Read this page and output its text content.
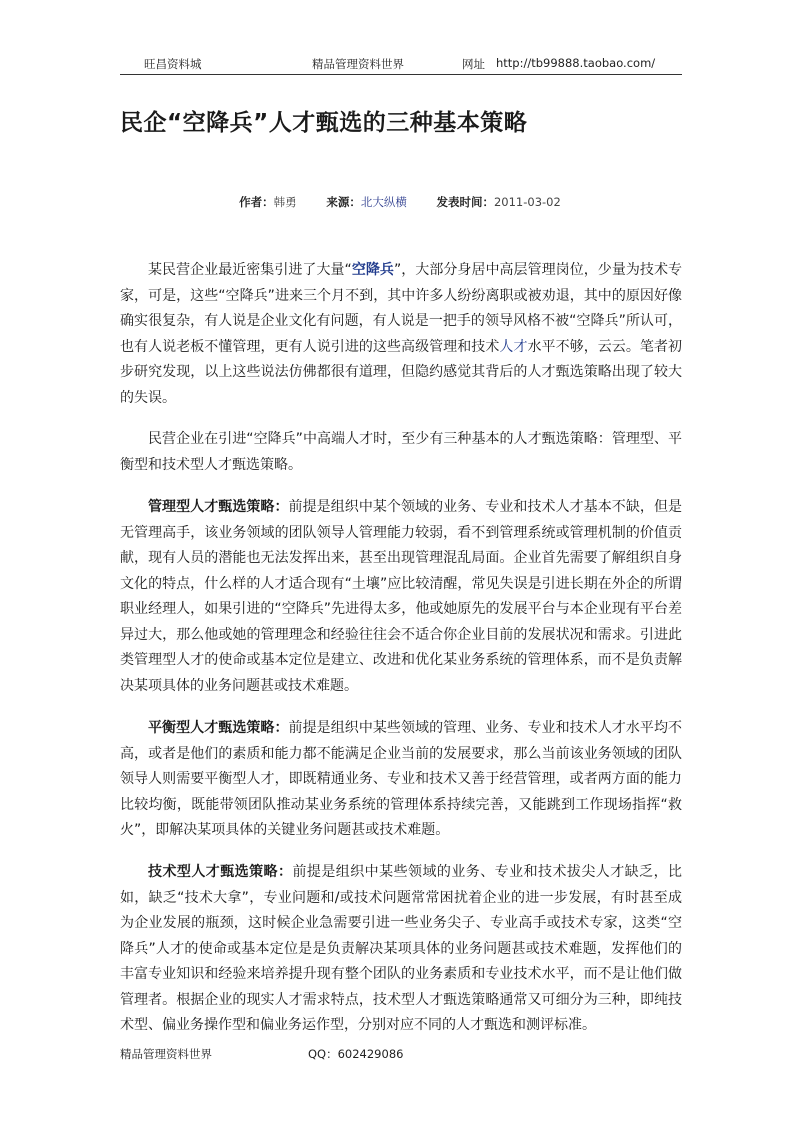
旺昌资料城	精品管理资料世界	网址 http://tb99888.taobao.com/
民企“空降兵”人才甄选的三种基本策略
作者：韩勇	来源：北大纵横	发表时间：2011-03-02

某民营企业最近密集引进了大量“空降兵”，大部分身居中高层管理岗位，少量为技术专家，可是，这些“空降兵”进来三个月不到，其中许多人纷纷离职或被劝退，其中的原因好像确实很复杂，有人说是企业文化有问题，有人说是一把手的领导风格不被“空降兵”所认可，也有人说老板不懂管理，更有人说引进的这些高级管理和技术人才水平不够，云云。笔者初步研究发现，以上这些说法仿佛都很有道理，但隐约感觉其背后的人才甄选策略出现了较大的失误。

民营企业在引进“空降兵”中高端人才时，至少有三种基本的人才甄选策略：管理型、平衡型和技术型人才甄选策略。

管理型人才甄选策略：前提是组织中某个领域的业务、专业和技术人才基本不缺，但是无管理高手，该业务领域的团队领导人管理能力较弱，看不到管理系统或管理机制的价值贡献，现有人员的潜能也无法发挥出来，甚至出现管理混乱局面。企业首先需要了解组织自身文化的特点，什么样的人才适合现有“土壤”应比较清醒，常见失误是引进长期在外企的所谓职业经理人，如果引进的“空降兵”先进得太多，他或她原先的发展平台与本企业现有平台差异过大，那么他或她的管理理念和经验往往会不适合你企业目前的发展状况和需求。引进此类管理型人才的使命或基本定位是建立、改进和优化某业务系统的管理体系，而不是负责解决某项具体的业务问题甚或技术难题。

平衡型人才甄选策略：前提是组织中某些领域的管理、业务、专业和技术人才水平均不高，或者是他们的素质和能力都不能满足企业当前的发展要求，那么当前该业务领域的团队领导人则需要平衡型人才，即既精通业务、专业和技术又善于经营管理，或者两方面的能力比较均衡，既能带领团队推动某业务系统的管理体系持续完善，又能跳到工作现场指挥“救火”，即解决某项具体的关键业务问题甚或技术难题。

技术型人才甄选策略：前提是组织中某些领域的业务、专业和技术拔尖人才缺乏，比如，缺乏“技术大拿”，专业问题和/或技术问题常常困扰着企业的进一步发展，有时甚至成为企业发展的瓶颈，这时候企业急需要引进一些业务尖子、专业高手或技术专家，这类“空降兵”人才的使命或基本定位是是负责解决某项具体的业务问题甚或技术难题，发挥他们的丰富专业知识和经验来培养提升现有整个团队的业务素质和专业技术水平，而不是让他们做管理者。根据企业的现实人才需求特点，技术型人才甄选策略通常又可细分为三种，即纯技术型、偏业务操作型和偏业务运作型，分别对应不同的人才甄选和测评标准。

精品管理资料世界	QQ：602429086
